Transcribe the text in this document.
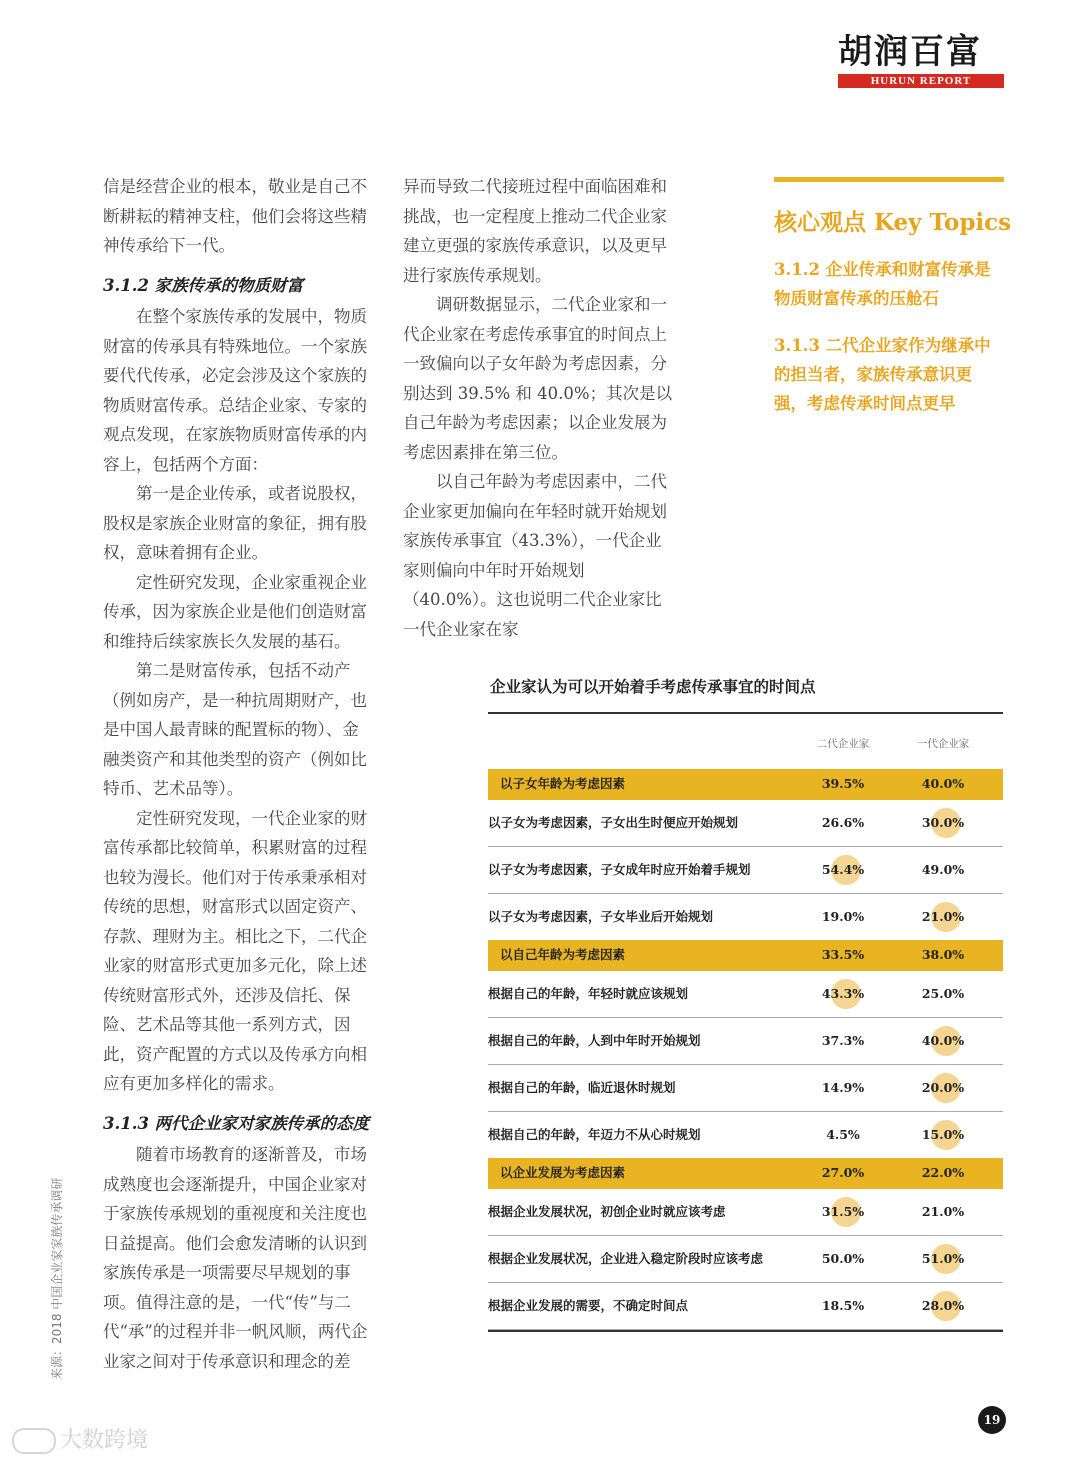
胡润百富
HURUN REPORT

信是经营企业的根本，敬业是自己不断耕耘的精神支柱，他们会将这些精神传承给下一代。

3.1.2 家族传承的物质财富

在整个家族传承的发展中，物质财富的传承具有特殊地位。一个家族要代代传承，必定会涉及这个家族的物质财富传承。总结企业家、专家的观点发现，在家族物质财富传承的内容上，包括两个方面：

第一是企业传承，或者说股权，股权是家族企业财富的象征，拥有股权，意味着拥有企业。

定性研究发现，企业家重视企业传承，因为家族企业是他们创造财富和维持后续家族长久发展的基石。

第二是财富传承，包括不动产（例如房产，是一种抗周期财产，也是中国人最青睐的配置标的物）、金融类资产和其他类型的资产（例如比特币、艺术品等）。

定性研究发现，一代企业家的财富传承都比较简单，积累财富的过程也较为漫长。他们对于传承秉承相对传统的思想，财富形式以固定资产、存款、理财为主。相比之下，二代企业家的财富形式更加多元化，除上述传统财富形式外，还涉及信托、保险、艺术品等其他一系列方式，因此，资产配置的方式以及传承方向相应有更加多样化的需求。

3.1.3 两代企业家对家族传承的态度

随着市场教育的逐渐普及，市场成熟度也会逐渐提升，中国企业家对于家族传承规划的重视度和关注度也日益提高。他们会愈发清晰的认识到家族传承是一项需要尽早规划的事项。值得注意的是，一代“传”与二代“承”的过程并非一帆风顺，两代企业家之间对于传承意识和理念的差

异而导致二代接班过程中面临困难和挑战，也一定程度上推动二代企业家建立更强的家族传承意识，以及更早进行家族传承规划。

调研数据显示，二代企业家和一代企业家在考虑传承事宜的时间点上一致偏向以子女年龄为考虑因素，分别达到 39.5% 和 40.0%；其次是以自己年龄为考虑因素；以企业发展为考虑因素排在第三位。

以自己年龄为考虑因素中，二代企业家更加偏向在年轻时就开始规划家族传承事宜（43.3%），一代企业家则偏向中年时开始规划（40.0%）。这也说明二代企业家比一代企业家在家

核心观点 Key Topics
3.1.2 企业传承和财富传承是物质财富传承的压舱石
3.1.3 二代企业家作为继承中的担当者，家族传承意识更强，考虑传承时间点更早
企业家认为可以开始着手考虑传承事宜的时间点
二代企业家	一代企业家
以子女年龄为考虑因素	39.5%	40.0%
以子女为考虑因素，子女出生时便应开始规划	26.6%	30.0%
以子女为考虑因素，子女成年时应开始着手规划	54.4%	49.0%
以子女为考虑因素，子女毕业后开始规划	19.0%	21.0%
以自己年龄为考虑因素	33.5%	38.0%
根据自己的年龄，年轻时就应该规划	43.3%	25.0%
根据自己的年龄，人到中年时开始规划	37.3%	40.0%
根据自己的年龄，临近退休时规划	14.9%	20.0%
根据自己的年龄，年迈力不从心时规划	4.5%	15.0%
以企业发展为考虑因素	27.0%	22.0%
根据企业发展状况，初创企业时就应该考虑	31.5%	21.0%
根据企业发展状况，企业进入稳定阶段时应该考虑	50.0%	51.0%
根据企业发展的需要，不确定时间点	18.5%	28.0%
来源：2018 中国企业家家族传承调研
19
大数跨境
